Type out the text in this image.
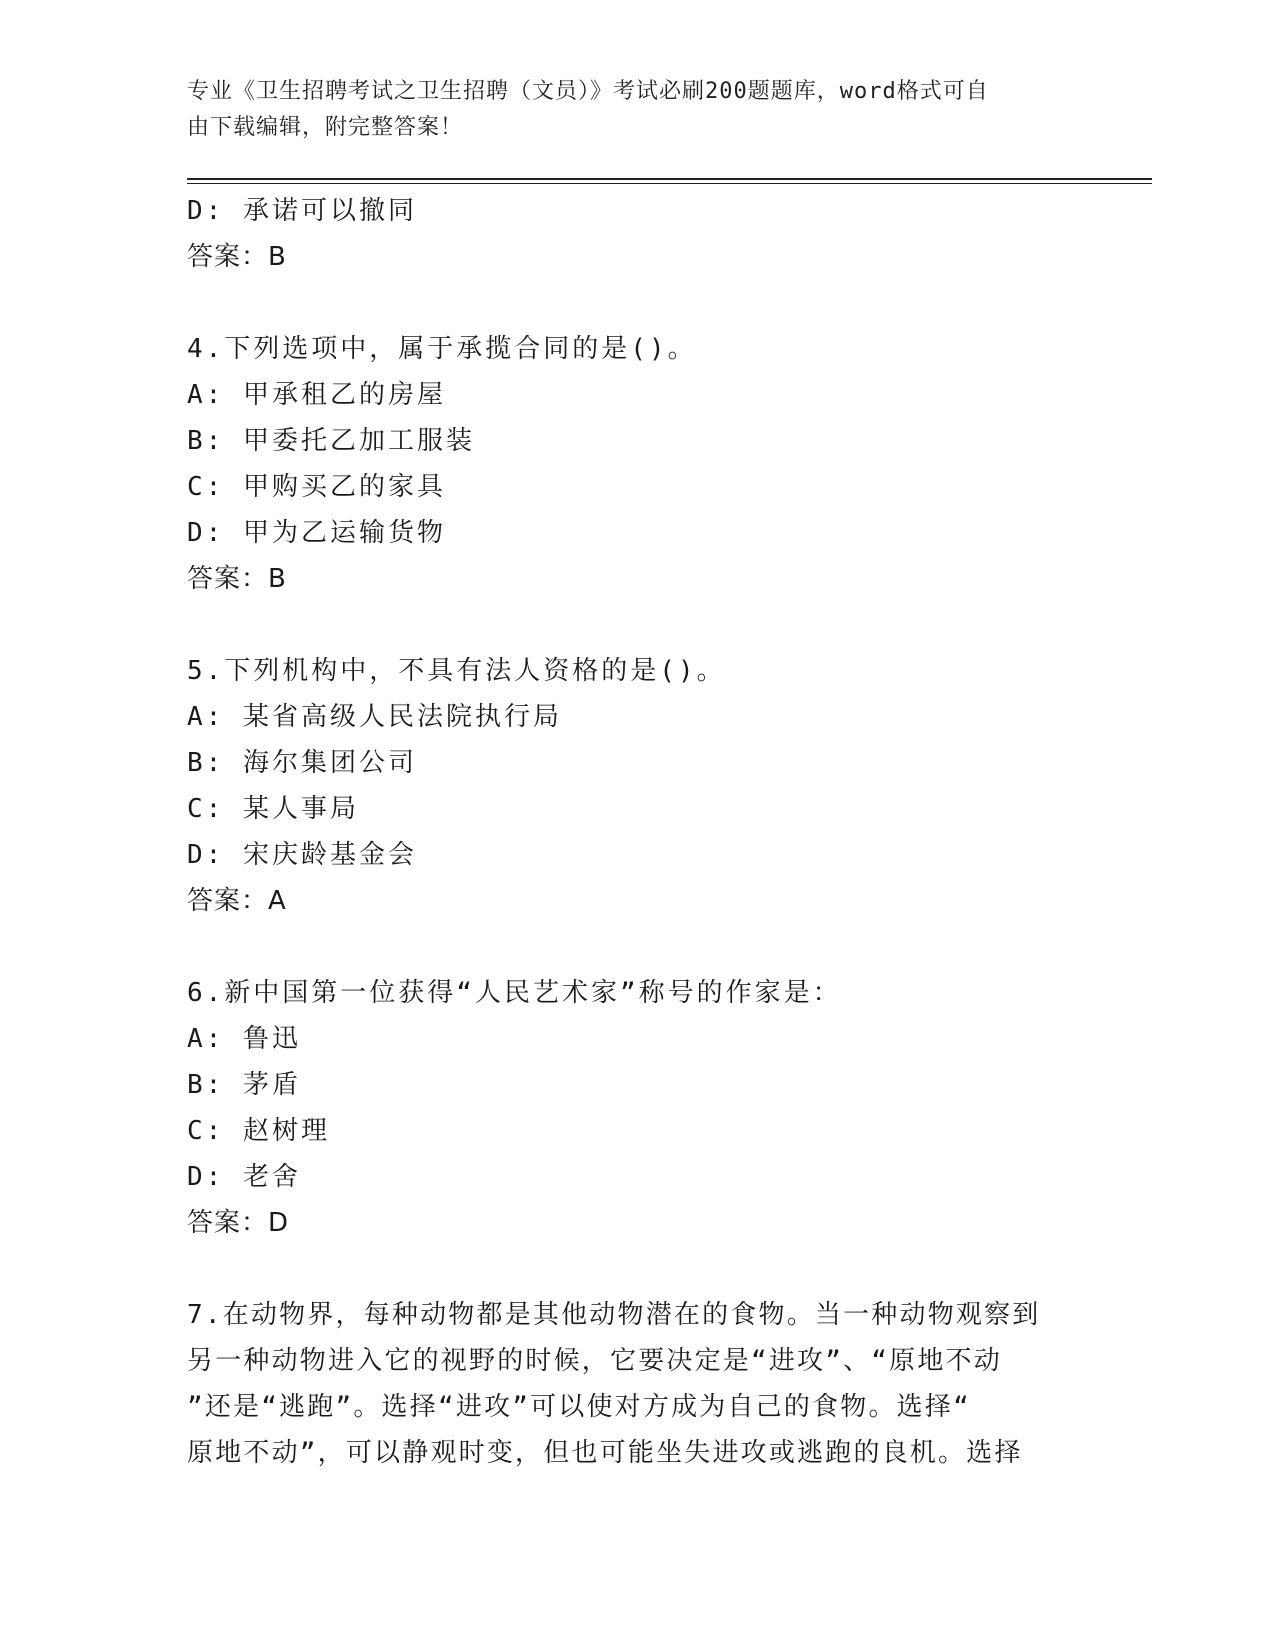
专业《卫生招聘考试之卫生招聘（文员）》考试必刷200题题库，word格式可自
由下载编辑，附完整答案！
D: 承诺可以撤同
答案：B
4.下列选项中，属于承揽合同的是()。
A: 甲承租乙的房屋
B: 甲委托乙加工服装
C: 甲购买乙的家具
D: 甲为乙运输货物
答案：B
5.下列机构中，不具有法人资格的是()。
A: 某省高级人民法院执行局
B: 海尔集团公司
C: 某人事局
D: 宋庆龄基金会
答案：A
6.新中国第一位获得“人民艺术家”称号的作家是：
A: 鲁迅
B: 茅盾
C: 赵树理
D: 老舍
答案：D
7.在动物界，每种动物都是其他动物潜在的食物。当一种动物观察到
另一种动物进入它的视野的时候，它要决定是“进攻”、“原地不动
”还是“逃跑”。选择“进攻”可以使对方成为自己的食物。选择“
原地不动”，可以静观时变，但也可能坐失进攻或逃跑的良机。选择
